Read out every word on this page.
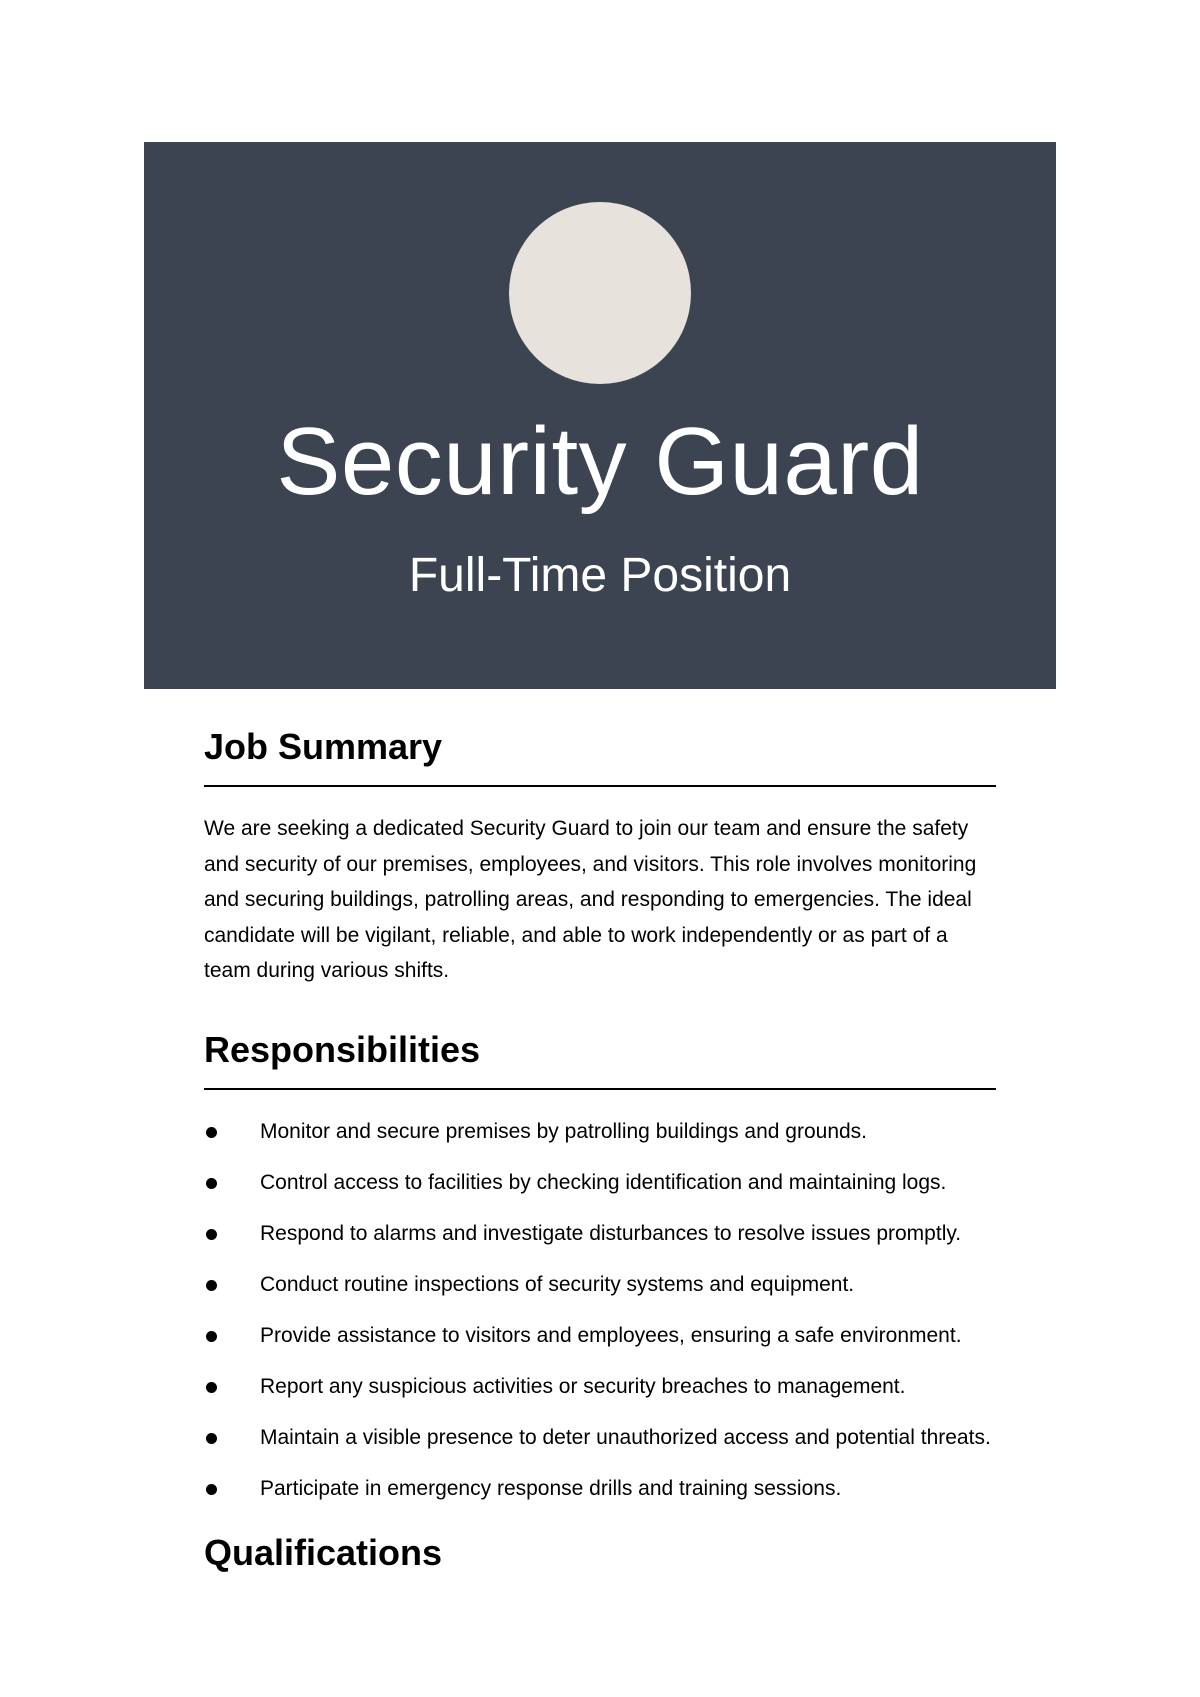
Security Guard
Full-Time Position
Job Summary

We are seeking a dedicated Security Guard to join our team and ensure the safety and security of our premises, employees, and visitors. This role involves monitoring and securing buildings, patrolling areas, and responding to emergencies. The ideal candidate will be vigilant, reliable, and able to work independently or as part of a team during various shifts.

Responsibilities
Monitor and secure premises by patrolling buildings and grounds.
Control access to facilities by checking identification and maintaining logs.
Respond to alarms and investigate disturbances to resolve issues promptly.
Conduct routine inspections of security systems and equipment.
Provide assistance to visitors and employees, ensuring a safe environment.
Report any suspicious activities or security breaches to management.
Maintain a visible presence to deter unauthorized access and potential threats.
Participate in emergency response drills and training sessions.
Qualifications
